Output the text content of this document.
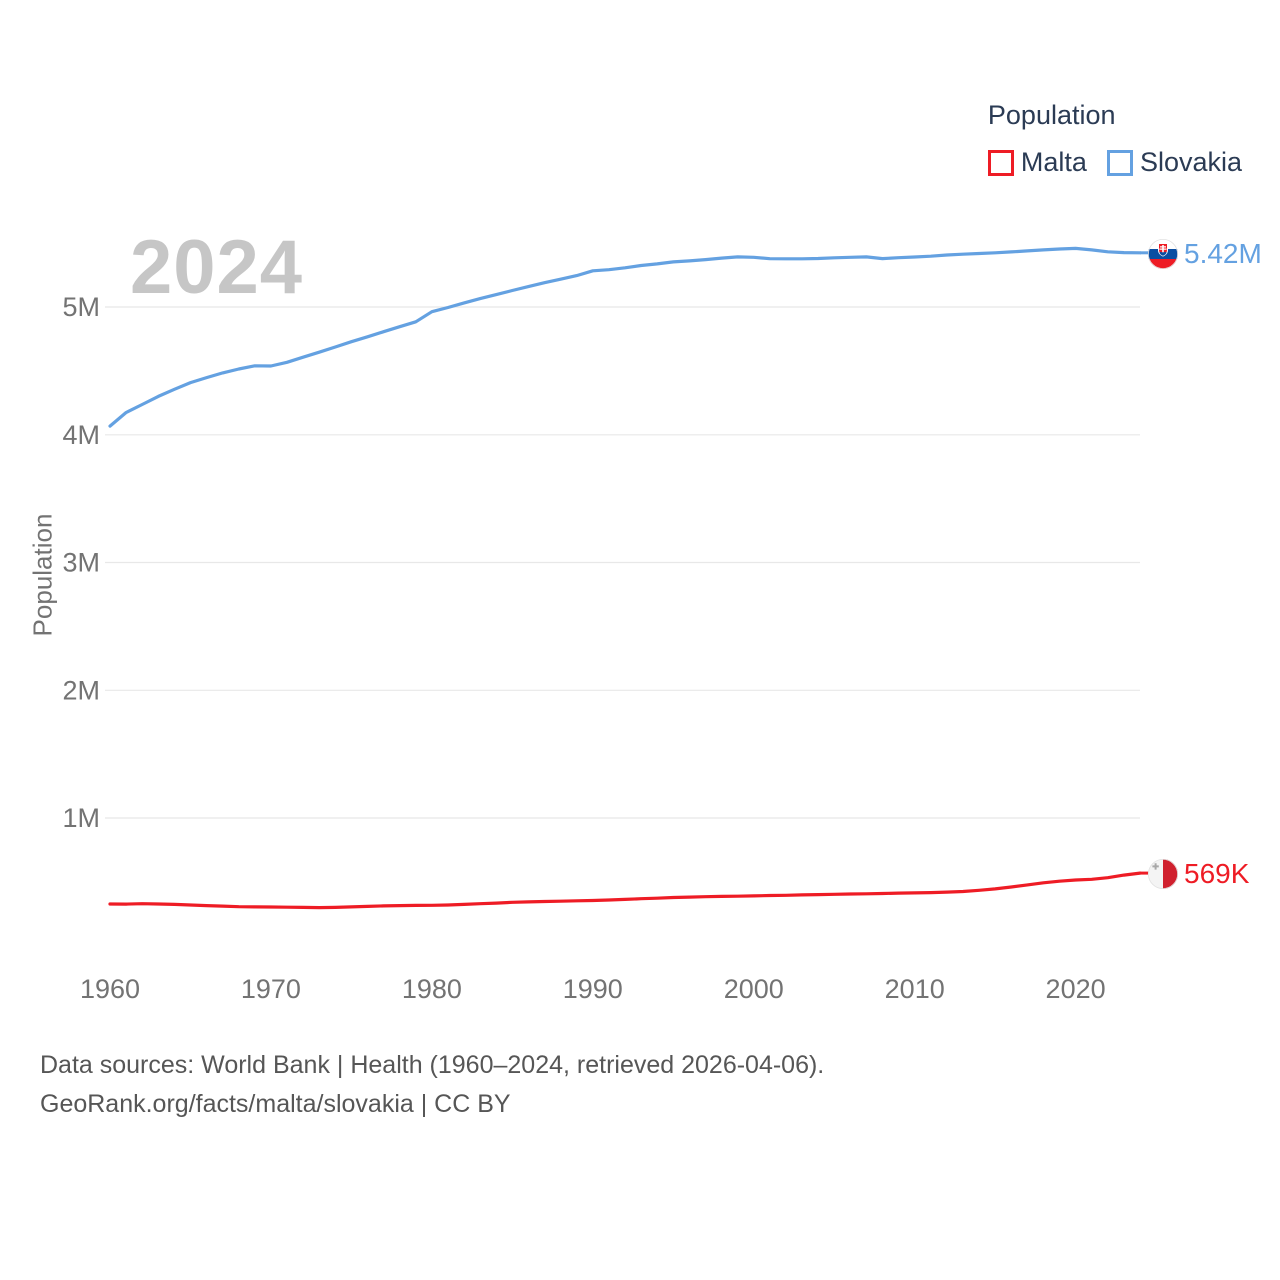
Population
Malta Slovakia
2024
Population
1M
2M
3M
4M
5M
1960	1970	1980	1990	2000	2010	2020
5.42M
569K
Data sources: World Bank | Health (1960–2024, retrieved 2026-04-06).
GeoRank.org/facts/malta/slovakia | CC BY
